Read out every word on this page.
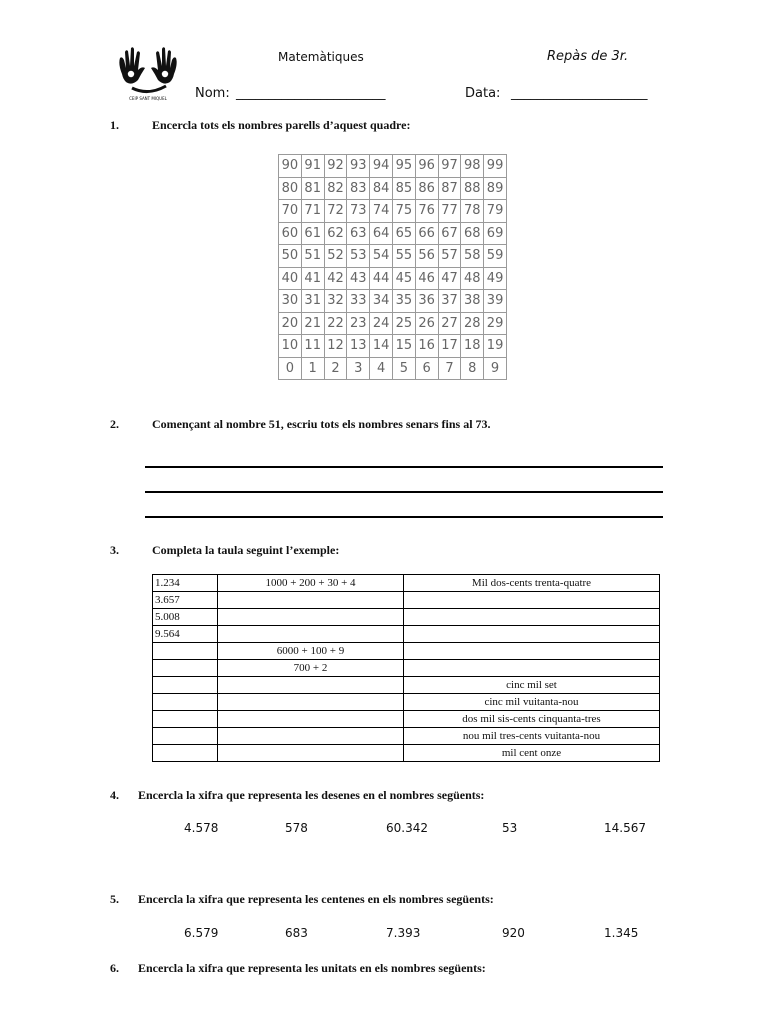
CEIP SANT MIQUEL
Matemàtiques	Repàs de 3r.
Nom: _______________________	Data: _____________________
1.	Encercla tots els nombres parells d’aquest quadre:
90	91	92	93	94	95	96	97	98	99
80	81	82	83	84	85	86	87	88	89
70	71	72	73	74	75	76	77	78	79
60	61	62	63	64	65	66	67	68	69
50	51	52	53	54	55	56	57	58	59
40	41	42	43	44	45	46	47	48	49
30	31	32	33	34	35	36	37	38	39
20	21	22	23	24	25	26	27	28	29
10	11	12	13	14	15	16	17	18	19
0	1	2	3	4	5	6	7	8	9
2.	Començant al nombre 51, escriu tots els nombres senars fins al 73.
3.	Completa la taula seguint l’exemple:
1.234	1000 + 200 + 30 + 4	Mil dos-cents trenta-quatre
3.657		
5.008		
9.564		
	6000 + 100 + 9	
	700 + 2	
		cinc mil set
		cinc mil vuitanta-nou
		dos mil sis-cents cinquanta-tres
		nou mil tres-cents vuitanta-nou
		mil cent onze
4. Encercla la xifra que representa les desenes en el nombres següents:
4.578	578	60.342	53	14.567
5. Encercla la xifra que representa les centenes en els nombres següents:
6.579	683	7.393	920	1.345
6. Encercla la xifra que representa les unitats en els nombres següents:
